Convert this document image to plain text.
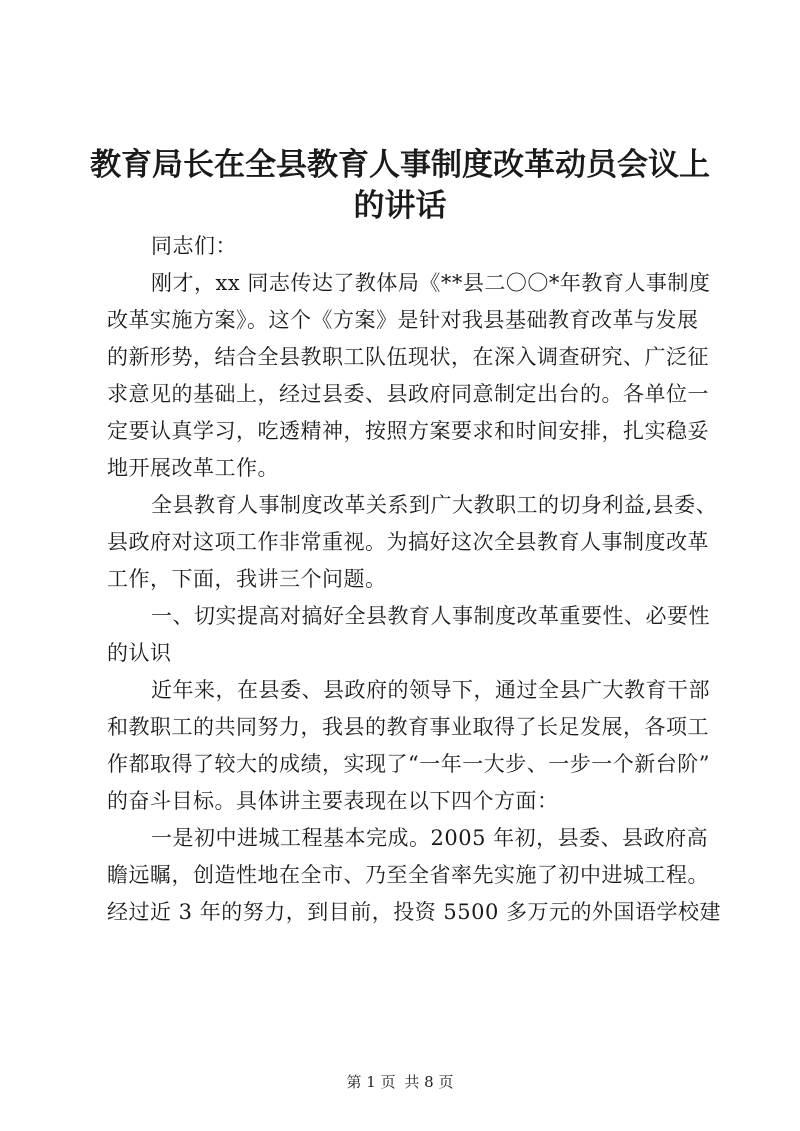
教育局长在全县教育人事制度改革动员会议上
的讲话
同志们：
刚才，xx 同志传达了教体局《**县二〇〇*年教育人事制度
改革实施方案》。这个《方案》是针对我县基础教育改革与发展
的新形势，结合全县教职工队伍现状，在深入调查研究、广泛征
求意见的基础上，经过县委、县政府同意制定出台的。各单位一
定要认真学习，吃透精神，按照方案要求和时间安排，扎实稳妥
地开展改革工作。
全县教育人事制度改革关系到广大教职工的切身利益,县委、
县政府对这项工作非常重视。为搞好这次全县教育人事制度改革
工作，下面，我讲三个问题。
一、切实提高对搞好全县教育人事制度改革重要性、必要性
的认识
近年来，在县委、县政府的领导下，通过全县广大教育干部
和教职工的共同努力，我县的教育事业取得了长足发展，各项工
作都取得了较大的成绩，实现了“一年一大步、一步一个新台阶”
的奋斗目标。具体讲主要表现在以下四个方面：
一是初中进城工程基本完成。2005 年初，县委、县政府高
瞻远瞩，创造性地在全市、乃至全省率先实施了初中进城工程。
经过近 3 年的努力，到目前，投资 5500 多万元的外国语学校建
第 1 页 共 8 页
